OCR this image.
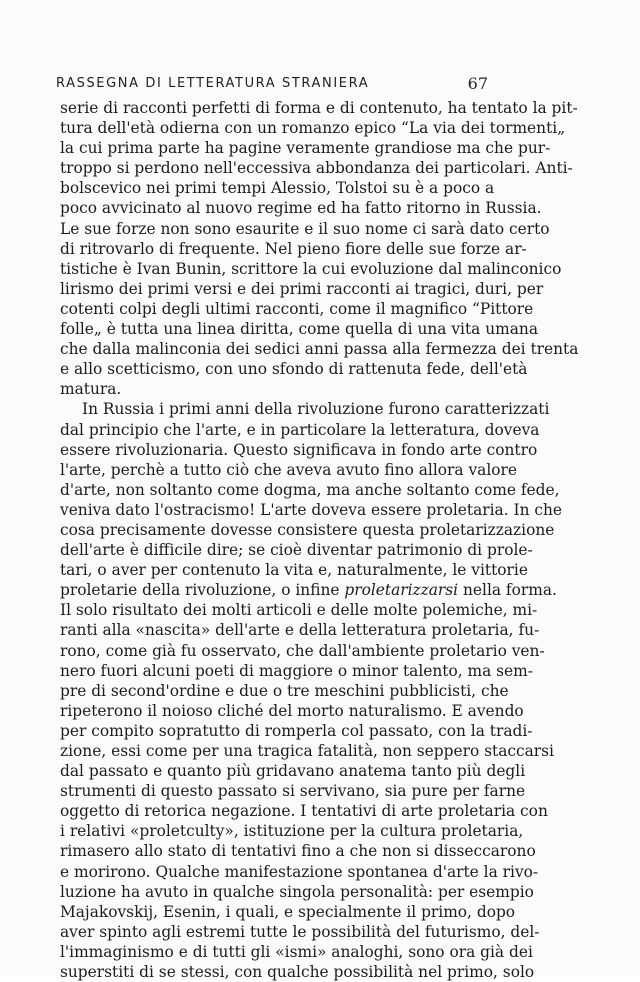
RASSEGNA DI LETTERATURA STRANIERA	67
serie di racconti perfetti di forma e di contenuto, ha tentato la pit-
tura dell'età odierna con un romanzo epico “La via dei tormenti„
la cui prima parte ha pagine veramente grandiose ma che pur-
troppo si perdono nell'eccessiva abbondanza dei particolari. Anti-
bolscevico nei primi tempi Alessio, Tolstoi su è a poco a
poco avvicinato al nuovo regime ed ha fatto ritorno in Russia.
Le sue forze non sono esaurite e il suo nome ci sarà dato certo
di ritrovarlo di frequente. Nel pieno fiore delle sue forze ar-
tistiche è Ivan Bunin, scrittore la cui evoluzione dal malinconico
lirismo dei primi versi e dei primi racconti ai tragici, duri, per
cotenti colpi degli ultimi racconti, come il magnifico “Pittore
folle„ è tutta una linea diritta, come quella di una vita umana
che dalla malinconia dei sedici anni passa alla fermezza dei trenta
e allo scetticismo, con uno sfondo di rattenuta fede, dell'età
matura.
In Russia i primi anni della rivoluzione furono caratterizzati
dal principio che l'arte, e in particolare la letteratura, doveva
essere rivoluzionaria. Questo significava in fondo arte contro
l'arte, perchè a tutto ciò che aveva avuto fino allora valore
d'arte, non soltanto come dogma, ma anche soltanto come fede,
veniva dato l'ostracismo! L'arte doveva essere proletaria. In che
cosa precisamente dovesse consistere questa proletarizzazione
dell'arte è difficile dire; se cioè diventar patrimonio di prole-
tari, o aver per contenuto la vita e, naturalmente, le vittorie
proletarie della rivoluzione, o infine proletarizzarsi nella forma.
Il solo risultato dei molti articoli e delle molte polemiche, mi-
ranti alla «nascita» dell'arte e della letteratura proletaria, fu-
rono, come già fu osservato, che dall'ambiente proletario ven-
nero fuori alcuni poeti di maggiore o minor talento, ma sem-
pre di second'ordine e due o tre meschini pubblicisti, che
ripeterono il noioso cliché del morto naturalismo. E avendo
per compito sopratutto di romperla col passato, con la tradi-
zione, essi come per una tragica fatalità, non seppero staccarsi
dal passato e quanto più gridavano anatema tanto più degli
strumenti di questo passato si servivano, sia pure per farne
oggetto di retorica negazione. I tentativi di arte proletaria con
i relativi «proletculty», istituzione per la cultura proletaria,
rimasero allo stato di tentativi fino a che non si disseccarono
e morirono. Qualche manifestazione spontanea d'arte la rivo-
luzione ha avuto in qualche singola personalità: per esempio
Majakovskij, Esenin, i quali, e specialmente il primo, dopo
aver spinto agli estremi tutte le possibilità del futurismo, del-
l'immaginismo e di tutti gli «ismi» analoghi, sono ora già dei
superstiti di se stessi, con qualche possibilità nel primo, solo
